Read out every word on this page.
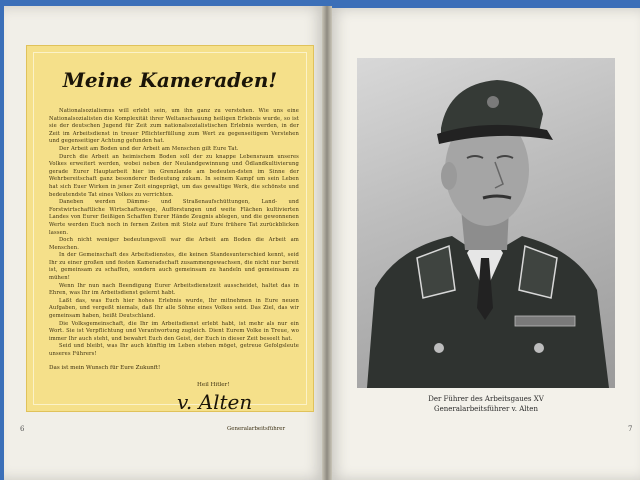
Meine Kameraden!

Nationalsozialismus will erlebt sein, um ihn ganz zu verstehen. Wie uns eine Nationalsozialisten die Komplexität ihrer Weltanschauung heiligen Erlebnis wurde, so ist sie der deutschen Jugend für Zeit zum nationalsozialistischen Erlebnis werden, in der Zeit im Arbeitsdienst in treuer Pflichterfüllung zum Wert zu gegenseitigem Verstehen und gegenseitiger Achtung gefunden hat.

Der Arbeit am Boden und der Arbeit am Menschen gilt Eure Tat.

Durch die Arbeit an heimischem Boden soll der zu knappe Lebensraum unseres Volkes erweitert werden, wobei neben der Neulandgewinnung und Ödlandkultivierung gerade Eurer Hauptarbeit hier im Grenzlande am bedeuten-dsten im Sinne der Wehrbereitschaft ganz besonderer Bedeutung zukam. In seinem Kampf um sein Leben hat sich Euer Wirken in jener Zeit eingeprägt, um das gewaltige Werk, die schönste und bedeutendste Tat eines Volkes zu verrichten.

Daneben werden Dämme- und Straßenaufschüttungen, Land- und Forstwirtschaftliche Wirtschaftswege, Aufforstungen und weite Flächen kultivierten Landes von Eurer fleißigen Schaffen Eurer Hände Zeugnis ablegen, und die gewonnenen Werte werden Euch noch in fernen Zeiten mit Stolz auf Eure frühere Tat zurückblicken lassen.

Doch nicht weniger bedeutungsvoll war die Arbeit am Boden die Arbeit am Menschen.

In der Gemeinschaft des Arbeitsdienstes, die keinen Standesunterschied kennt, seid Ihr zu einer großen und festen Kameradschaft zusammengewachsen, die nicht nur bereit ist, gemeinsam zu schaffen, sondern auch gemeinsam zu handeln und gemeinsam zu mühen!

Wenn Ihr nun nach Beendigung Eurer Arbeitsdienstzeit ausscheidet, haltet das in Ehren, was Ihr im Arbeitsdienst gelernt habt.

Laßt das, was Euch hier hohes Erlebnis wurde, Ihr mitnehmen in Eure neuen Aufgaben, und vergeßt niemals, daß Ihr alle Söhne eines Volkes seid. Das Ziel, das wir gemeinsam haben, heißt Deutschland.

Die Volksgemeinschaft, die Ihr im Arbeitsdienst erlebt habt, ist mehr als nur ein Wort. Sie ist Verpflichtung und Verantwortung zugleich. Dient Eurem Volke in Treue, wo immer Ihr auch steht, und bewahrt Euch den Geist, der Euch in dieser Zeit beseelt hat.

Seid und bleibt, was Ihr auch künftig im Leben stehen möget, getreue Gefolgsleute unseres Führers!

Das ist mein Wunsch für Eure Zukunft!
Heil Hitler!
v. Alten
Generalarbeitsführer
6	7
Der Führer des Arbeitsgaues XV
Generalarbeitsführer v. Alten
